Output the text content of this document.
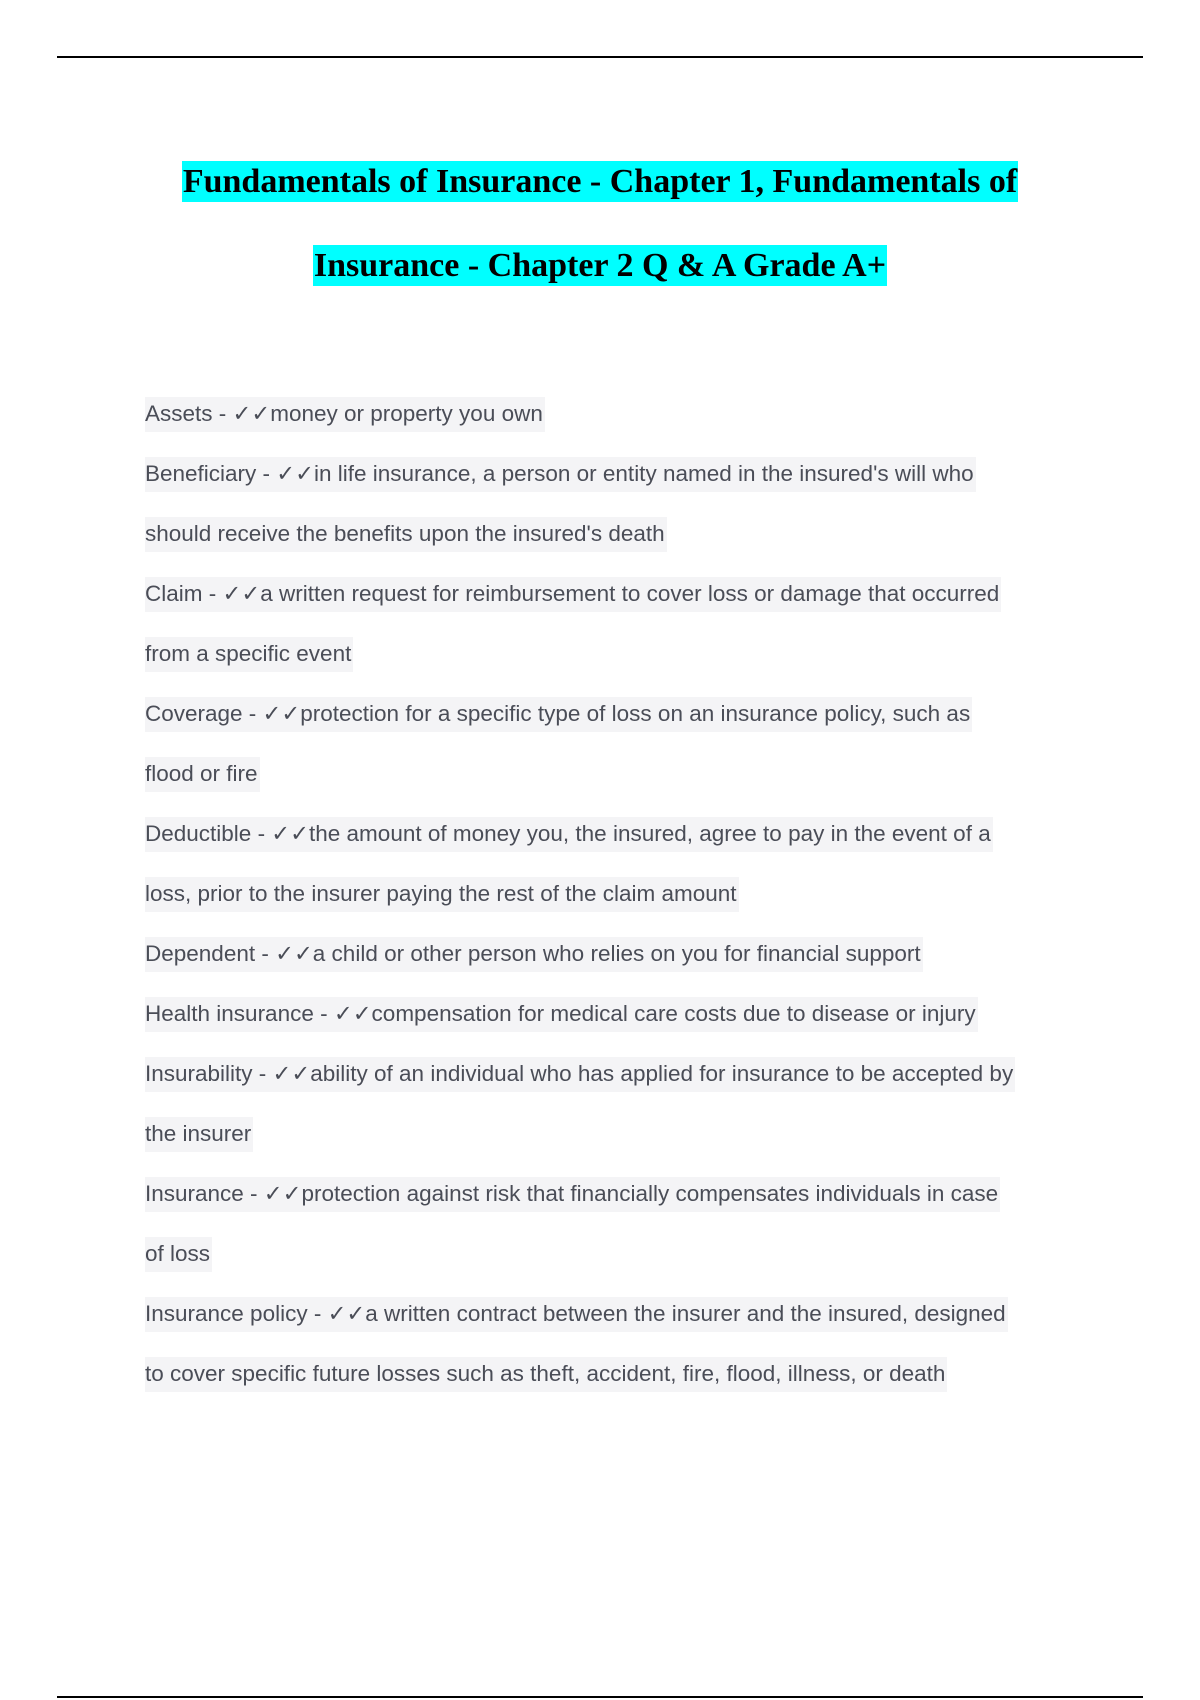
Fundamentals of Insurance - Chapter 1, Fundamentals of
Insurance - Chapter 2 Q & A Grade A+
Assets - ✓✓money or property you own
Beneficiary - ✓✓in life insurance, a person or entity named in the insured's will who
should receive the benefits upon the insured's death
Claim - ✓✓a written request for reimbursement to cover loss or damage that occurred
from a specific event
Coverage - ✓✓protection for a specific type of loss on an insurance policy, such as
flood or fire
Deductible - ✓✓the amount of money you, the insured, agree to pay in the event of a
loss, prior to the insurer paying the rest of the claim amount
Dependent - ✓✓a child or other person who relies on you for financial support
Health insurance - ✓✓compensation for medical care costs due to disease or injury
Insurability - ✓✓ability of an individual who has applied for insurance to be accepted by
the insurer
Insurance - ✓✓protection against risk that financially compensates individuals in case
of loss
Insurance policy - ✓✓a written contract between the insurer and the insured, designed
to cover specific future losses such as theft, accident, fire, flood, illness, or death
